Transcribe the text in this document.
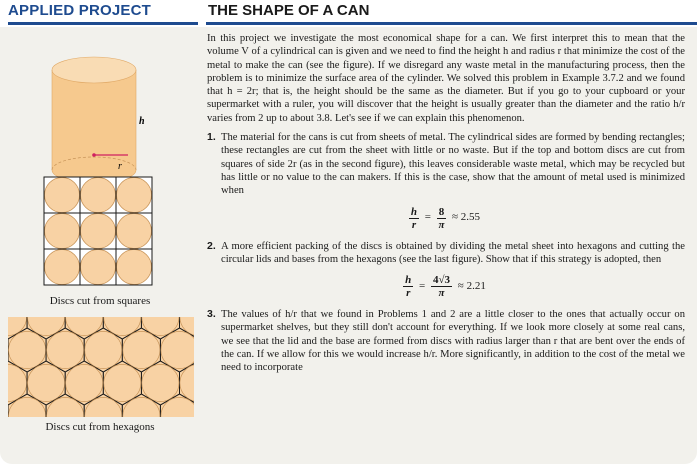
APPLIED PROJECT	THE SHAPE OF A CAN
r
h
Discs cut from squares
Discs cut from hexagons

In this project we investigate the most economical shape for a can. We first interpret this to mean that the volume V of a cylindrical can is given and we need to find the height h and radius r that minimize the cost of the metal to make the can (see the figure). If we disregard any waste metal in the manufacturing process, then the problem is to minimize the surface area of the cylinder. We solved this problem in Example 3.7.2 and we found that h = 2r; that is, the height should be the same as the diameter. But if you go to your cupboard or your supermarket with a ruler, you will discover that the height is usually greater than the diameter and the ratio h/r varies from 2 up to about 3.8. Let's see if we can explain this phenomenon.

1. The material for the cans is cut from sheets of metal. The cylindrical sides are formed by bending rectangles; these rectangles are cut from the sheet with little or no waste. But if the top and bottom discs are cut from squares of side 2r (as in the second figure), this leaves considerable waste metal, which may be recycled but has little or no value to the can makers. If this is the case, show that the amount of metal used is minimized when
$\frac{h}{r} = \frac{8}{\pi} \approx 2.55$
2. A more efficient packing of the discs is obtained by dividing the metal sheet into hexagons and cutting the circular lids and bases from the hexagons (see the last figure). Show that if this strategy is adopted, then
$\frac{h}{r} = \frac{4√3}{\pi} \approx 2.21$
3. The values of h/r that we found in Problems 1 and 2 are a little closer to the ones that actually occur on supermarket shelves, but they still don't account for everything. If we look more closely at some real cans, we see that the lid and the base are formed from discs with radius larger than r that are bent over the ends of the can. If we allow for this we would increase h/r. More significantly, in addition to the cost of the metal we need to incorporate
